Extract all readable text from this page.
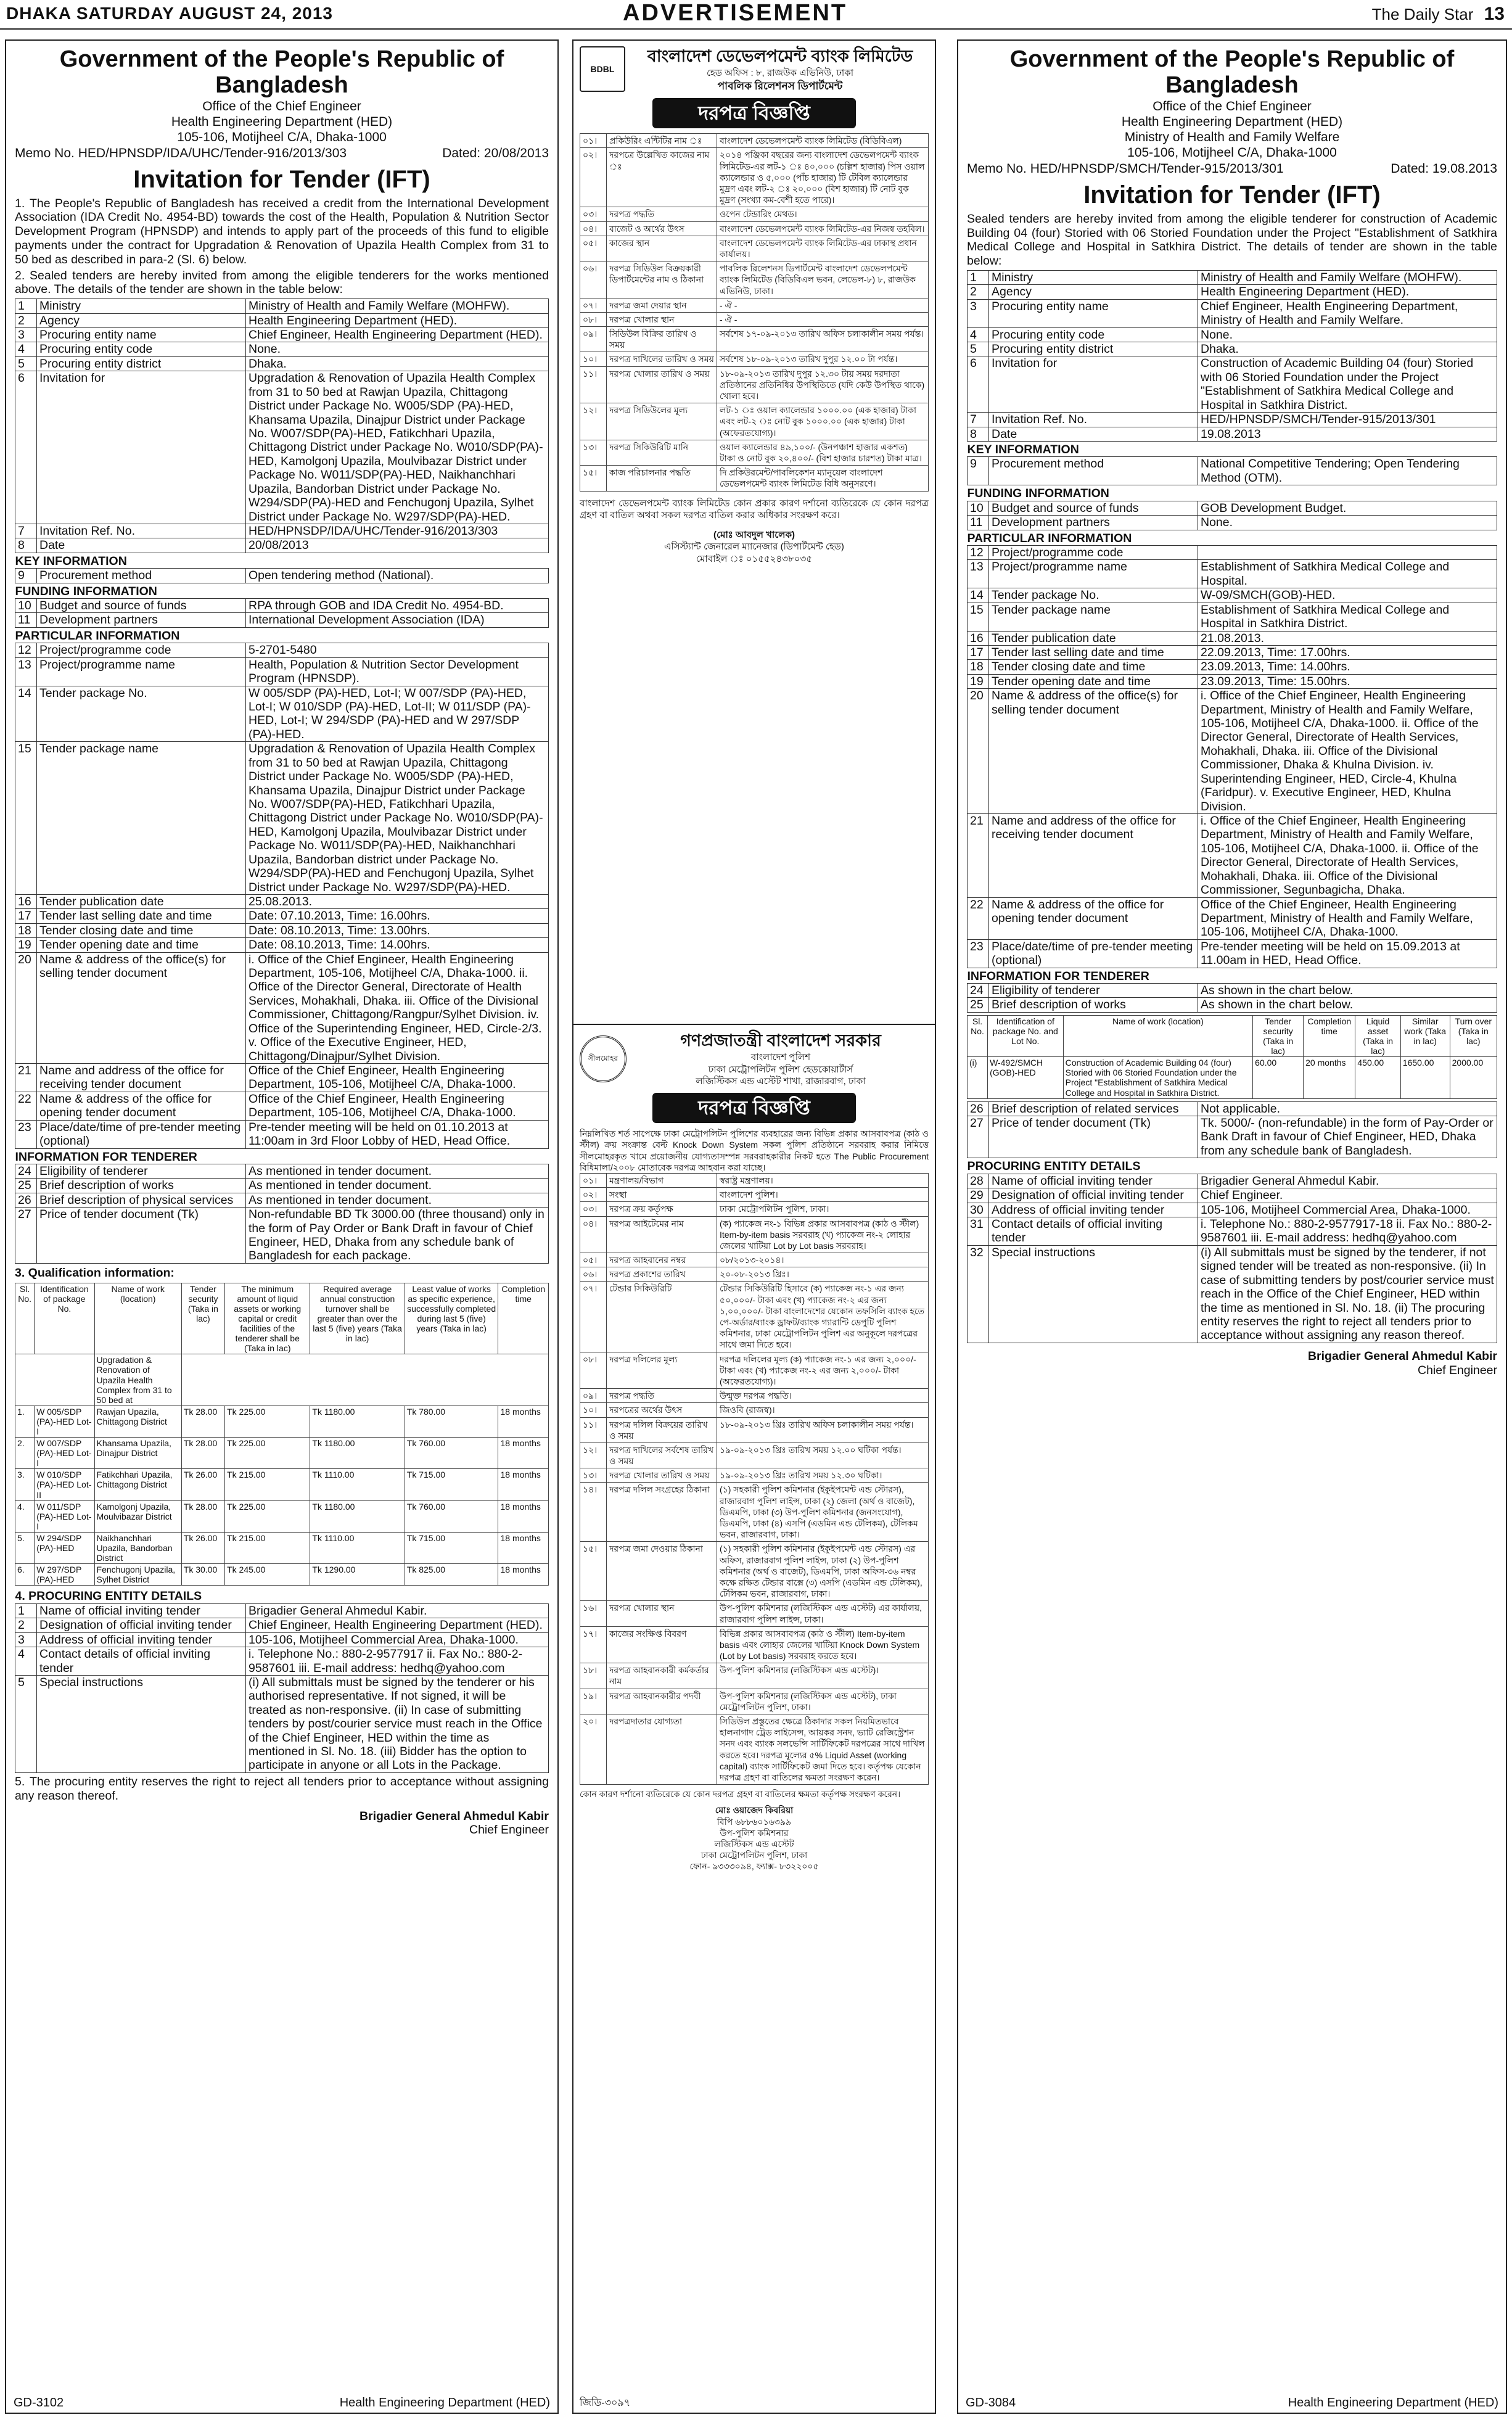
DHAKA SATURDAY AUGUST 24, 2013	ADVERTISEMENT	The Daily Star 13
Government of the People's Republic of Bangladesh
Office of the Chief Engineer
Health Engineering Department (HED)
105-106, Motijheel C/A, Dhaka-1000
Memo No. HED/HPNSDP/IDA/UHC/Tender-916/2013/303	Dated: 20/08/2013
Invitation for Tender (IFT)
1. The People's Republic of Bangladesh has received a credit from the International Development Association (IDA Credit No. 4954-BD) towards the cost of the Health, Population & Nutrition Sector Development Program (HPNSDP) and intends to apply part of the proceeds of this fund to eligible payments under the contract for Upgradation & Renovation of Upazila Health Complex from 31 to 50 bed as described in para-2 (Sl. 6) below.
2. Sealed tenders are hereby invited from among the eligible tenderers for the works mentioned above. The details of the tender are shown in the table below:
1	Ministry	Ministry of Health and Family Welfare (MOHFW).
2	Agency	Health Engineering Department (HED).
3	Procuring entity name	Chief Engineer, Health Engineering Department (HED).
4	Procuring entity code	None.
5	Procuring entity district	Dhaka.
6	Invitation for	Upgradation & Renovation of Upazila Health Complex from 31 to 50 bed at Rawjan Upazila, Chittagong District under Package No. W005/SDP (PA)-HED, Khansama Upazila, Dinajpur District under Package No. W007/SDP(PA)-HED, Fatikchhari Upazila, Chittagong District under Package No. W010/SDP(PA)-HED, Kamolgonj Upazila, Moulvibazar District under Package No. W011/SDP(PA)-HED, Naikhanchhari Upazila, Bandorban District under Package No. W294/SDP(PA)-HED and Fenchugonj Upazila, Sylhet District under Package No. W297/SDP(PA)-HED.
7	Invitation Ref. No.	HED/HPNSDP/IDA/UHC/Tender-916/2013/303
8	Date	20/08/2013
KEY INFORMATION		
9	Procurement method	Open tendering method (National).
FUNDING INFORMATION		
10	Budget and source of funds	RPA through GOB and IDA Credit No. 4954-BD.
11	Development partners	International Development Association (IDA)
PARTICULAR INFORMATION		
12	Project/programme code	5-2701-5480
13	Project/programme name	Health, Population & Nutrition Sector Development Program (HPNSDP).
14	Tender package No.	W 005/SDP (PA)-HED, Lot-I; W 007/SDP (PA)-HED, Lot-I; W 010/SDP (PA)-HED, Lot-II; W 011/SDP (PA)-HED, Lot-I; W 294/SDP (PA)-HED and W 297/SDP (PA)-HED.
15	Tender package name	Upgradation & Renovation of Upazila Health Complex from 31 to 50 bed at Rawjan Upazila, Chittagong District under Package No. W005/SDP (PA)-HED, Khansama Upazila, Dinajpur District under Package No. W007/SDP(PA)-HED, Fatikchhari Upazila, Chittagong District under Package No. W010/SDP(PA)-HED, Kamolgonj Upazila, Moulvibazar District under Package No. W011/SDP(PA)-HED, Naikhanchhari Upazila, Bandorban district under Package No. W294/SDP(PA)-HED and Fenchugonj Upazila, Sylhet District under Package No. W297/SDP(PA)-HED.
16	Tender publication date	25.08.2013.
17	Tender last selling date and time	Date: 07.10.2013, Time: 16.00hrs.
18	Tender closing date and time	Date: 08.10.2013, Time: 13.00hrs.
19	Tender opening date and time	Date: 08.10.2013, Time: 14.00hrs.
20	Name & address of the office(s) for selling tender document	i. Office of the Chief Engineer, Health Engineering Department, 105-106, Motijheel C/A, Dhaka-1000. ii. Office of the Director General, Directorate of Health Services, Mohakhali, Dhaka. iii. Office of the Divisional Commissioner, Chittagong/Rangpur/Sylhet Division. iv. Office of the Superintending Engineer, HED, Circle-2/3. v. Office of the Executive Engineer, HED, Chittagong/Dinajpur/Sylhet Division.
21	Name and address of the office for receiving tender document	Office of the Chief Engineer, Health Engineering Department, 105-106, Motijheel C/A, Dhaka-1000.
22	Name & address of the office for opening tender document	Office of the Chief Engineer, Health Engineering Department, 105-106, Motijheel C/A, Dhaka-1000.
23	Place/date/time of pre-tender meeting (optional)	Pre-tender meeting will be held on 01.10.2013 at 11:00am in 3rd Floor Lobby of HED, Head Office.
INFORMATION FOR TENDERER		
24	Eligibility of tenderer	As mentioned in tender document.
25	Brief description of works	As mentioned in tender document.
26	Brief description of physical services	As mentioned in tender document.
27	Price of tender document (Tk)	Non-refundable BD Tk 3000.00 (three thousand) only in the form of Pay Order or Bank Draft in favour of Chief Engineer, HED, Dhaka from any schedule bank of Bangladesh for each package.
3. Qualification information:
Sl. No.	Identification of package No.	Name of work (location)	Tender security (Taka in lac)	The minimum amount of liquid assets or working capital or credit facilities of the tenderer shall be (Taka in lac)	Required average annual construction turnover shall be greater than over the last 5 (five) years (Taka in lac)	Least value of works as specific experience, successfully completed during last 5 (five) years (Taka in lac)	Completion time
		Upgradation & Renovation of Upazila Health Complex from 31 to 50 bed at					
1.	W 005/SDP (PA)-HED Lot-I	Rawjan Upazila, Chittagong District	Tk 28.00	Tk 225.00	Tk 1180.00	Tk 780.00	18 months
2.	W 007/SDP (PA)-HED Lot-I	Khansama Upazila, Dinajpur District	Tk 28.00	Tk 225.00	Tk 1180.00	Tk 760.00	18 months
3.	W 010/SDP (PA)-HED Lot-II	Fatikchhari Upazila, Chittagong District	Tk 26.00	Tk 215.00	Tk 1110.00	Tk 715.00	18 months
4.	W 011/SDP (PA)-HED Lot-I	Kamolgonj Upazila, Moulvibazar District	Tk 28.00	Tk 225.00	Tk 1180.00	Tk 760.00	18 months
5.	W 294/SDP (PA)-HED	Naikhanchhari Upazila, Bandorban District	Tk 26.00	Tk 215.00	Tk 1110.00	Tk 715.00	18 months
6.	W 297/SDP (PA)-HED	Fenchugonj Upazila, Sylhet District	Tk 30.00	Tk 245.00	Tk 1290.00	Tk 825.00	18 months
4. PROCURING ENTITY DETAILS		
1	Name of official inviting tender	Brigadier General Ahmedul Kabir.
2	Designation of official inviting tender	Chief Engineer, Health Engineering Department (HED).
3	Address of official inviting tender	105-106, Motijheel Commercial Area, Dhaka-1000.
4	Contact details of official inviting tender	i. Telephone No.: 880-2-9577917 ii. Fax No.: 880-2-9587601 iii. E-mail address: hedhq@yahoo.com
5	Special instructions	(i) All submittals must be signed by the tenderer or his authorised representative. If not signed, it will be treated as non-responsive. (ii) In case of submitting tenders by post/courier service must reach in the Office of the Chief Engineer, HED within the time as mentioned in Sl. No. 18. (iii) Bidder has the option to participate in anyone or all Lots in the Package.
5. The procuring entity reserves the right to reject all tenders prior to acceptance without assigning any reason thereof.
Brigadier General Ahmedul Kabir
Chief Engineer
GD-3102	Health Engineering Department (HED)
BDBL
বাংলাদেশ ডেভেলপমেন্ট ব্যাংক লিমিটেড
হেড অফিস : ৮, রাজউক এভিনিউ, ঢাকা
পাবলিক রিলেশনস ডিপার্টমেন্ট
দরপত্র বিজ্ঞপ্তি
০১।	প্রকিউরিং এন্টিটির নাম ঃ	বাংলাদেশ ডেভেলপমেন্ট ব্যাংক লিমিটেড (বিডিবিএল)
০২।	দরপত্রে উল্লেখিত কাজের নাম ঃ	২০১৪ পঞ্জিকা বছরের জন্য বাংলাদেশ ডেভেলপমেন্ট ব্যাংক লিমিটেড-এর লট-১ ঃ ৪০,০০০ (চল্লিশ হাজার) পিস ওয়াল ক্যালেন্ডার ও ৫,০০০ (পাঁচ হাজার) টি টেবিল ক্যালেন্ডার মুদ্রণ এবং লট-২ ঃ ২০,০০০ (বিশ হাজার) টি নোট বুক মুদ্রণ (সংখ্যা কম-বেশী হতে পারে)।
০৩।	দরপত্র পদ্ধতি	ওপেন টেন্ডারিং মেথড।
০৪।	বাজেট ও অর্থের উৎস	বাংলাদেশ ডেভেলপমেন্ট ব্যাংক লিমিটেড-এর নিজস্ব তহবিল।
০৫।	কাজের স্থান	বাংলাদেশ ডেভেলপমেন্ট ব্যাংক লিমিটেড-এর ঢাকাস্থ প্রধান কার্যালয়।
০৬।	দরপত্র সিডিউল বিক্রয়কারী ডিপার্টমেন্টের নাম ও ঠিকানা	পাবলিক রিলেশনস ডিপার্টমেন্ট বাংলাদেশ ডেভেলপমেন্ট ব্যাংক লিমিটেড (বিডিবিএল ভবন, লেভেল-৮) ৮, রাজউক এভিনিউ, ঢাকা।
০৭।	দরপত্র জমা দেয়ার স্থান	- ঐ -
০৮।	দরপত্র খোলার স্থান	- ঐ -
০৯।	সিডিউল বিক্রির তারিখ ও সময়	সর্বশেষ ১৭-০৯-২০১৩ তারিখ অফিস চলাকালীন সময় পর্যন্ত।
১০।	দরপত্র দাখিলের তারিখ ও সময়	সর্বশেষ ১৮-০৯-২০১৩ তারিখ দুপুর ১২.০০ টা পর্যন্ত।
১১।	দরপত্র খোলার তারিখ ও সময়	১৮-০৯-২০১৩ তারিখ দুপুর ১২.৩০ টায় সময় দরদাতা প্রতিষ্ঠানের প্রতিনিধির উপস্থিতিতে (যদি কেউ উপস্থিত থাকে) খোলা হবে।
১২।	দরপত্র সিডিউলের মূল্য	লট-১ ঃ ওয়াল ক্যালেন্ডার ১০০০.০০ (এক হাজার) টাকা এবং লট-২ ঃ নোট বুক ১০০০.০০ (এক হাজার) টাকা (অফেরতযোগ্য)।
১৩।	দরপত্র সিকিউরিটি মানি	ওয়াল ক্যালেন্ডার ৪৯,১০০/- (উনপঞ্চাশ হাজার একশত) টাকা ও নোট বুক ২০,৪০০/- (বিশ হাজার চারশত) টাকা মাত্র।
১৫।	কাজ পরিচালনার পদ্ধতি	দি প্রকিউরমেন্ট/পাবলিকেশন ম্যানুয়েল বাংলাদেশ ডেভেলপমেন্ট ব্যাংক লিমিটেড বিধি অনুসরণে।
বাংলাদেশ ডেভেলপমেন্ট ব্যাংক লিমিটেড কোন প্রকার কারণ দর্শানো ব্যতিরেকে যে কোন দরপত্র গ্রহণ বা বাতিল অথবা সকল দরপত্র বাতিল করার অধিকার সংরক্ষণ করে।
(মোঃ আবদুল খালেক)
এসিস্ট্যান্ট জেনারেল ম্যানেজার (ডিপার্টমেন্ট হেড)
মোবাইল ঃ ০১৫৫২৪৩৮০৩৫
সীলমোহর
গণপ্রজাতন্ত্রী বাংলাদেশ সরকার
বাংলাদেশ পুলিশ
ঢাকা মেট্রোপলিটন পুলিশ হেডকোয়ার্টার্স
লজিস্টিকস এন্ড এস্টেট শাখা, রাজারবাগ, ঢাকা
দরপত্র বিজ্ঞপ্তি
নিম্নলিখিত শর্ত সাপেক্ষে ঢাকা মেট্রোপলিটন পুলিশের ব্যবহারের জন্য বিভিন্ন প্রকার আসবাবপত্র (কাঠ ও স্টীল) ক্রয় সংক্রান্ত বেল্ট Knock Down System সকল পুলিশ প্রতিষ্ঠানে সরবরাহ করার নিমিত্তে সীলমোহরকৃত খামে প্রয়োজনীয় যোগ্যতাসম্পন্ন সরবরাহকারীর নিকট হতে The Public Procurement বিধিমালা/২০০৮ মোতাবেক দরপত্র আহবান করা যাচ্ছে।
০১।	মন্ত্রণালয়/বিভাগ	স্বরাষ্ট্র মন্ত্রণালয়।
০২।	সংস্থা	বাংলাদেশ পুলিশ।
০৩।	দরপত্র ক্রয় কর্তৃপক্ষ	ঢাকা মেট্রোপলিটন পুলিশ, ঢাকা।
০৪।	দরপত্র আইটেমের নাম	(ক) প্যাকেজ নং-১ বিভিন্ন প্রকার আসবাবপত্র (কাঠ ও স্টীল) Item-by-item basis সরবরাহ (খ) প্যাকেজ নং-২ লোহার জেলের খাটিয়া Lot by Lot basis সরবরাহ।
০৫।	দরপত্র আহবানের নম্বর	০৮/২০১৩-২০১৪।
০৬।	দরপত্র প্রকাশের তারিখ	২০-০৮-২০১৩ খ্রিঃ।
০৭।	টেন্ডার সিকিউরিটি	টেন্ডার সিকিউরিটি হিসাবে (ক) প্যাকেজ নং-১ এর জন্য ৫০,০০০/- টাকা এবং (খ) প্যাকেজ নং-২ এর জন্য ১,০০,০০০/- টাকা বাংলাদেশের যেকোন তফসিলি ব্যাংক হতে পে-অর্ডার/ব্যাংক ড্রাফট/ব্যাংক গ্যারান্টি ডেপুটি পুলিশ কমিশনার, ঢাকা মেট্রোপলিটন পুলিশ এর অনুকূলে দরপত্রের সাথে জমা দিতে হবে।
০৮।	দরপত্র দলিলের মূল্য	দরপত্র দলিলের মূল্য (ক) প্যাকেজ নং-১ এর জন্য ২,০০০/- টাকা এবং (খ) প্যাকেজ নং-২ এর জন্য ২,০০০/- টাকা (অফেরতযোগ্য)।
০৯।	দরপত্র পদ্ধতি	উন্মুক্ত দরপত্র পদ্ধতি।
১০।	দরপত্রের অর্থের উৎস	জিওবি (রাজস্ব)।
১১।	দরপত্র দলিল বিক্রয়ের তারিখ ও সময়	১৮-০৯-২০১৩ খ্রিঃ তারিখ অফিস চলাকালীন সময় পর্যন্ত।
১২।	দরপত্র দাখিলের সর্বশেষ তারিখ ও সময়	১৯-০৯-২০১৩ খ্রিঃ তারিখ সময় ১২.০০ ঘটিকা পর্যন্ত।
১৩।	দরপত্র খোলার তারিখ ও সময়	১৯-০৯-২০১৩ খ্রিঃ তারিখ সময় ১২.৩০ ঘটিকা।
১৪।	দরপত্র দলিল সংগ্রহের ঠিকানা	(১) সহকারী পুলিশ কমিশনার (ইকুইপমেন্ট এন্ড স্টোরস), রাজারবাগ পুলিশ লাইন্স, ঢাকা (২) জেলা (অর্থ ও বাজেট), ডিএমপি, ঢাকা (৩) উপ-পুলিশ কমিশনার (জনসংযোগ), ডিএমপি, ঢাকা (৪) এসপি (এডমিন এন্ড টেলিকম), টেলিকম ভবন, রাজারবাগ, ঢাকা।
১৫।	দরপত্র জমা দেওয়ার ঠিকানা	(১) সহকারী পুলিশ কমিশনার (ইকুইপমেন্ট এন্ড স্টোরস) এর অফিস, রাজারবাগ পুলিশ লাইন্স, ঢাকা (২) উপ-পুলিশ কমিশনার (অর্থ ও বাজেট), ডিএমপি, ঢাকা অফিস-৩৬ নম্বর কক্ষে রক্ষিত টেন্ডার বাক্সে (৩) এসপি (এডমিন এন্ড টেলিকম), টেলিকম ভবন, রাজারবাগ, ঢাকা।
১৬।	দরপত্র খোলার স্থান	উপ-পুলিশ কমিশনার (লজিস্টিকস এন্ড এস্টেট) এর কার্যালয়, রাজারবাগ পুলিশ লাইন্স, ঢাকা।
১৭।	কাজের সংক্ষিপ্ত বিবরণ	বিভিন্ন প্রকার আসবাবপত্র (কাঠ ও স্টীল) Item-by-item basis এবং লোহার জেলের খাটিয়া Knock Down System (Lot by Lot basis) সরবরাহ করতে হবে।
১৮।	দরপত্র আহবানকারী কর্মকর্তার নাম	উপ-পুলিশ কমিশনার (লজিস্টিকস এন্ড এস্টেট)।
১৯।	দরপত্র আহবানকারীর পদবী	উপ-পুলিশ কমিশনার (লজিস্টিকস এন্ড এস্টেট), ঢাকা মেট্রোপলিটন পুলিশ, ঢাকা।
২০।	দরপত্রদাতার যোগ্যতা	সিডিউল প্রস্তুতের ক্ষেত্রে ঠিকাদার সকল নিয়মিতভাবে হালনাগাদ ট্রেড লাইসেন্স, আয়কর সনদ, ভ্যাট রেজিস্ট্রেশন সনদ এবং ব্যাংক সলভেন্সি সার্টিফিকেট দরপত্রের সাথে দাখিল করতে হবে। দরপত্র মূল্যের ৫% Liquid Asset (working capital) ব্যাংক সার্টিফিকেট জমা দিতে হবে। কর্তৃপক্ষ যেকোন দরপত্র গ্রহণ বা বাতিলের ক্ষমতা সংরক্ষণ করেন।
কোন কারণ দর্শানো ব্যতিরেকে যে কোন দরপত্র গ্রহণ বা বাতিলের ক্ষমতা কর্তৃপক্ষ সংরক্ষণ করেন।
মোঃ ওয়াজেদ কিবরিয়া
বিপি ৬৮৮৬০১৬৩৯৯
উপ-পুলিশ কমিশনার
লজিস্টিকস এন্ড এস্টেট
ঢাকা মেট্রোপলিটন পুলিশ, ঢাকা
ফোন- ৯৩৩৩০৯৪, ফ্যাক্স- ৮৩২২০০৫
জিডি-৩০৯৭
Government of the People's Republic of Bangladesh
Office of the Chief Engineer
Health Engineering Department (HED)
Ministry of Health and Family Welfare
105-106, Motijheel C/A, Dhaka-1000
Memo No. HED/HPNSDP/SMCH/Tender-915/2013/301	Dated: 19.08.2013
Invitation for Tender (IFT)
Sealed tenders are hereby invited from among the eligible tenderer for construction of Academic Building 04 (four) Storied with 06 Storied Foundation under the Project "Establishment of Satkhira Medical College and Hospital in Satkhira District. The details of tender are shown in the table below:
1	Ministry	Ministry of Health and Family Welfare (MOHFW).
2	Agency	Health Engineering Department (HED).
3	Procuring entity name	Chief Engineer, Health Engineering Department, Ministry of Health and Family Welfare.
4	Procuring entity code	None.
5	Procuring entity district	Dhaka.
6	Invitation for	Construction of Academic Building 04 (four) Storied with 06 Storied Foundation under the Project "Establishment of Satkhira Medical College and Hospital in Satkhira District.
7	Invitation Ref. No.	HED/HPNSDP/SMCH/Tender-915/2013/301
8	Date	19.08.2013
KEY INFORMATION		
9	Procurement method	National Competitive Tendering; Open Tendering Method (OTM).
FUNDING INFORMATION		
10	Budget and source of funds	GOB Development Budget.
11	Development partners	None.
PARTICULAR INFORMATION		
12	Project/programme code	
13	Project/programme name	Establishment of Satkhira Medical College and Hospital.
14	Tender package No.	W-09/SMCH(GOB)-HED.
15	Tender package name	Establishment of Satkhira Medical College and Hospital in Satkhira District.
16	Tender publication date	21.08.2013.
17	Tender last selling date and time	22.09.2013, Time: 17.00hrs.
18	Tender closing date and time	23.09.2013, Time: 14.00hrs.
19	Tender opening date and time	23.09.2013, Time: 15.00hrs.
20	Name & address of the office(s) for selling tender document	i. Office of the Chief Engineer, Health Engineering Department, Ministry of Health and Family Welfare, 105-106, Motijheel C/A, Dhaka-1000. ii. Office of the Director General, Directorate of Health Services, Mohakhali, Dhaka. iii. Office of the Divisional Commissioner, Dhaka & Khulna Division. iv. Superintending Engineer, HED, Circle-4, Khulna (Faridpur). v. Executive Engineer, HED, Khulna Division.
21	Name and address of the office for receiving tender document	i. Office of the Chief Engineer, Health Engineering Department, Ministry of Health and Family Welfare, 105-106, Motijheel C/A, Dhaka-1000. ii. Office of the Director General, Directorate of Health Services, Mohakhali, Dhaka. iii. Office of the Divisional Commissioner, Segunbagicha, Dhaka.
22	Name & address of the office for opening tender document	Office of the Chief Engineer, Health Engineering Department, Ministry of Health and Family Welfare, 105-106, Motijheel C/A, Dhaka-1000.
23	Place/date/time of pre-tender meeting (optional)	Pre-tender meeting will be held on 15.09.2013 at 11.00am in HED, Head Office.
INFORMATION FOR TENDERER		
24	Eligibility of tenderer	As shown in the chart below.
25	Brief description of works	As shown in the chart below.
Sl. No.	Identification of package No. and Lot No.	Name of work (location)	Tender security (Taka in lac)	Completion time	Liquid asset (Taka in lac)	Similar work (Taka in lac)	Turn over (Taka in lac)
(i)	W-492/SMCH (GOB)-HED	Construction of Academic Building 04 (four) Storied with 06 Storied Foundation under the Project "Establishment of Satkhira Medical College and Hospital in Satkhira District.	60.00	20 months	450.00	1650.00	2000.00
26	Brief description of related services	Not applicable.
27	Price of tender document (Tk)	Tk. 5000/- (non-refundable) in the form of Pay-Order or Bank Draft in favour of Chief Engineer, HED, Dhaka from any schedule bank of Bangladesh.
PROCURING ENTITY DETAILS		
28	Name of official inviting tender	Brigadier General Ahmedul Kabir.
29	Designation of official inviting tender	Chief Engineer.
30	Address of official inviting tender	105-106, Motijheel Commercial Area, Dhaka-1000.
31	Contact details of official inviting tender	i. Telephone No.: 880-2-9577917-18 ii. Fax No.: 880-2-9587601 iii. E-mail address: hedhq@yahoo.com
32	Special instructions	(i) All submittals must be signed by the tenderer, if not signed tender will be treated as non-responsive. (ii) In case of submitting tenders by post/courier service must reach in the Office of the Chief Engineer, HED within the time as mentioned in Sl. No. 18. (ii) The procuring entity reserves the right to reject all tenders prior to acceptance without assigning any reason thereof.
Brigadier General Ahmedul Kabir
Chief Engineer
GD-3084	Health Engineering Department (HED)
